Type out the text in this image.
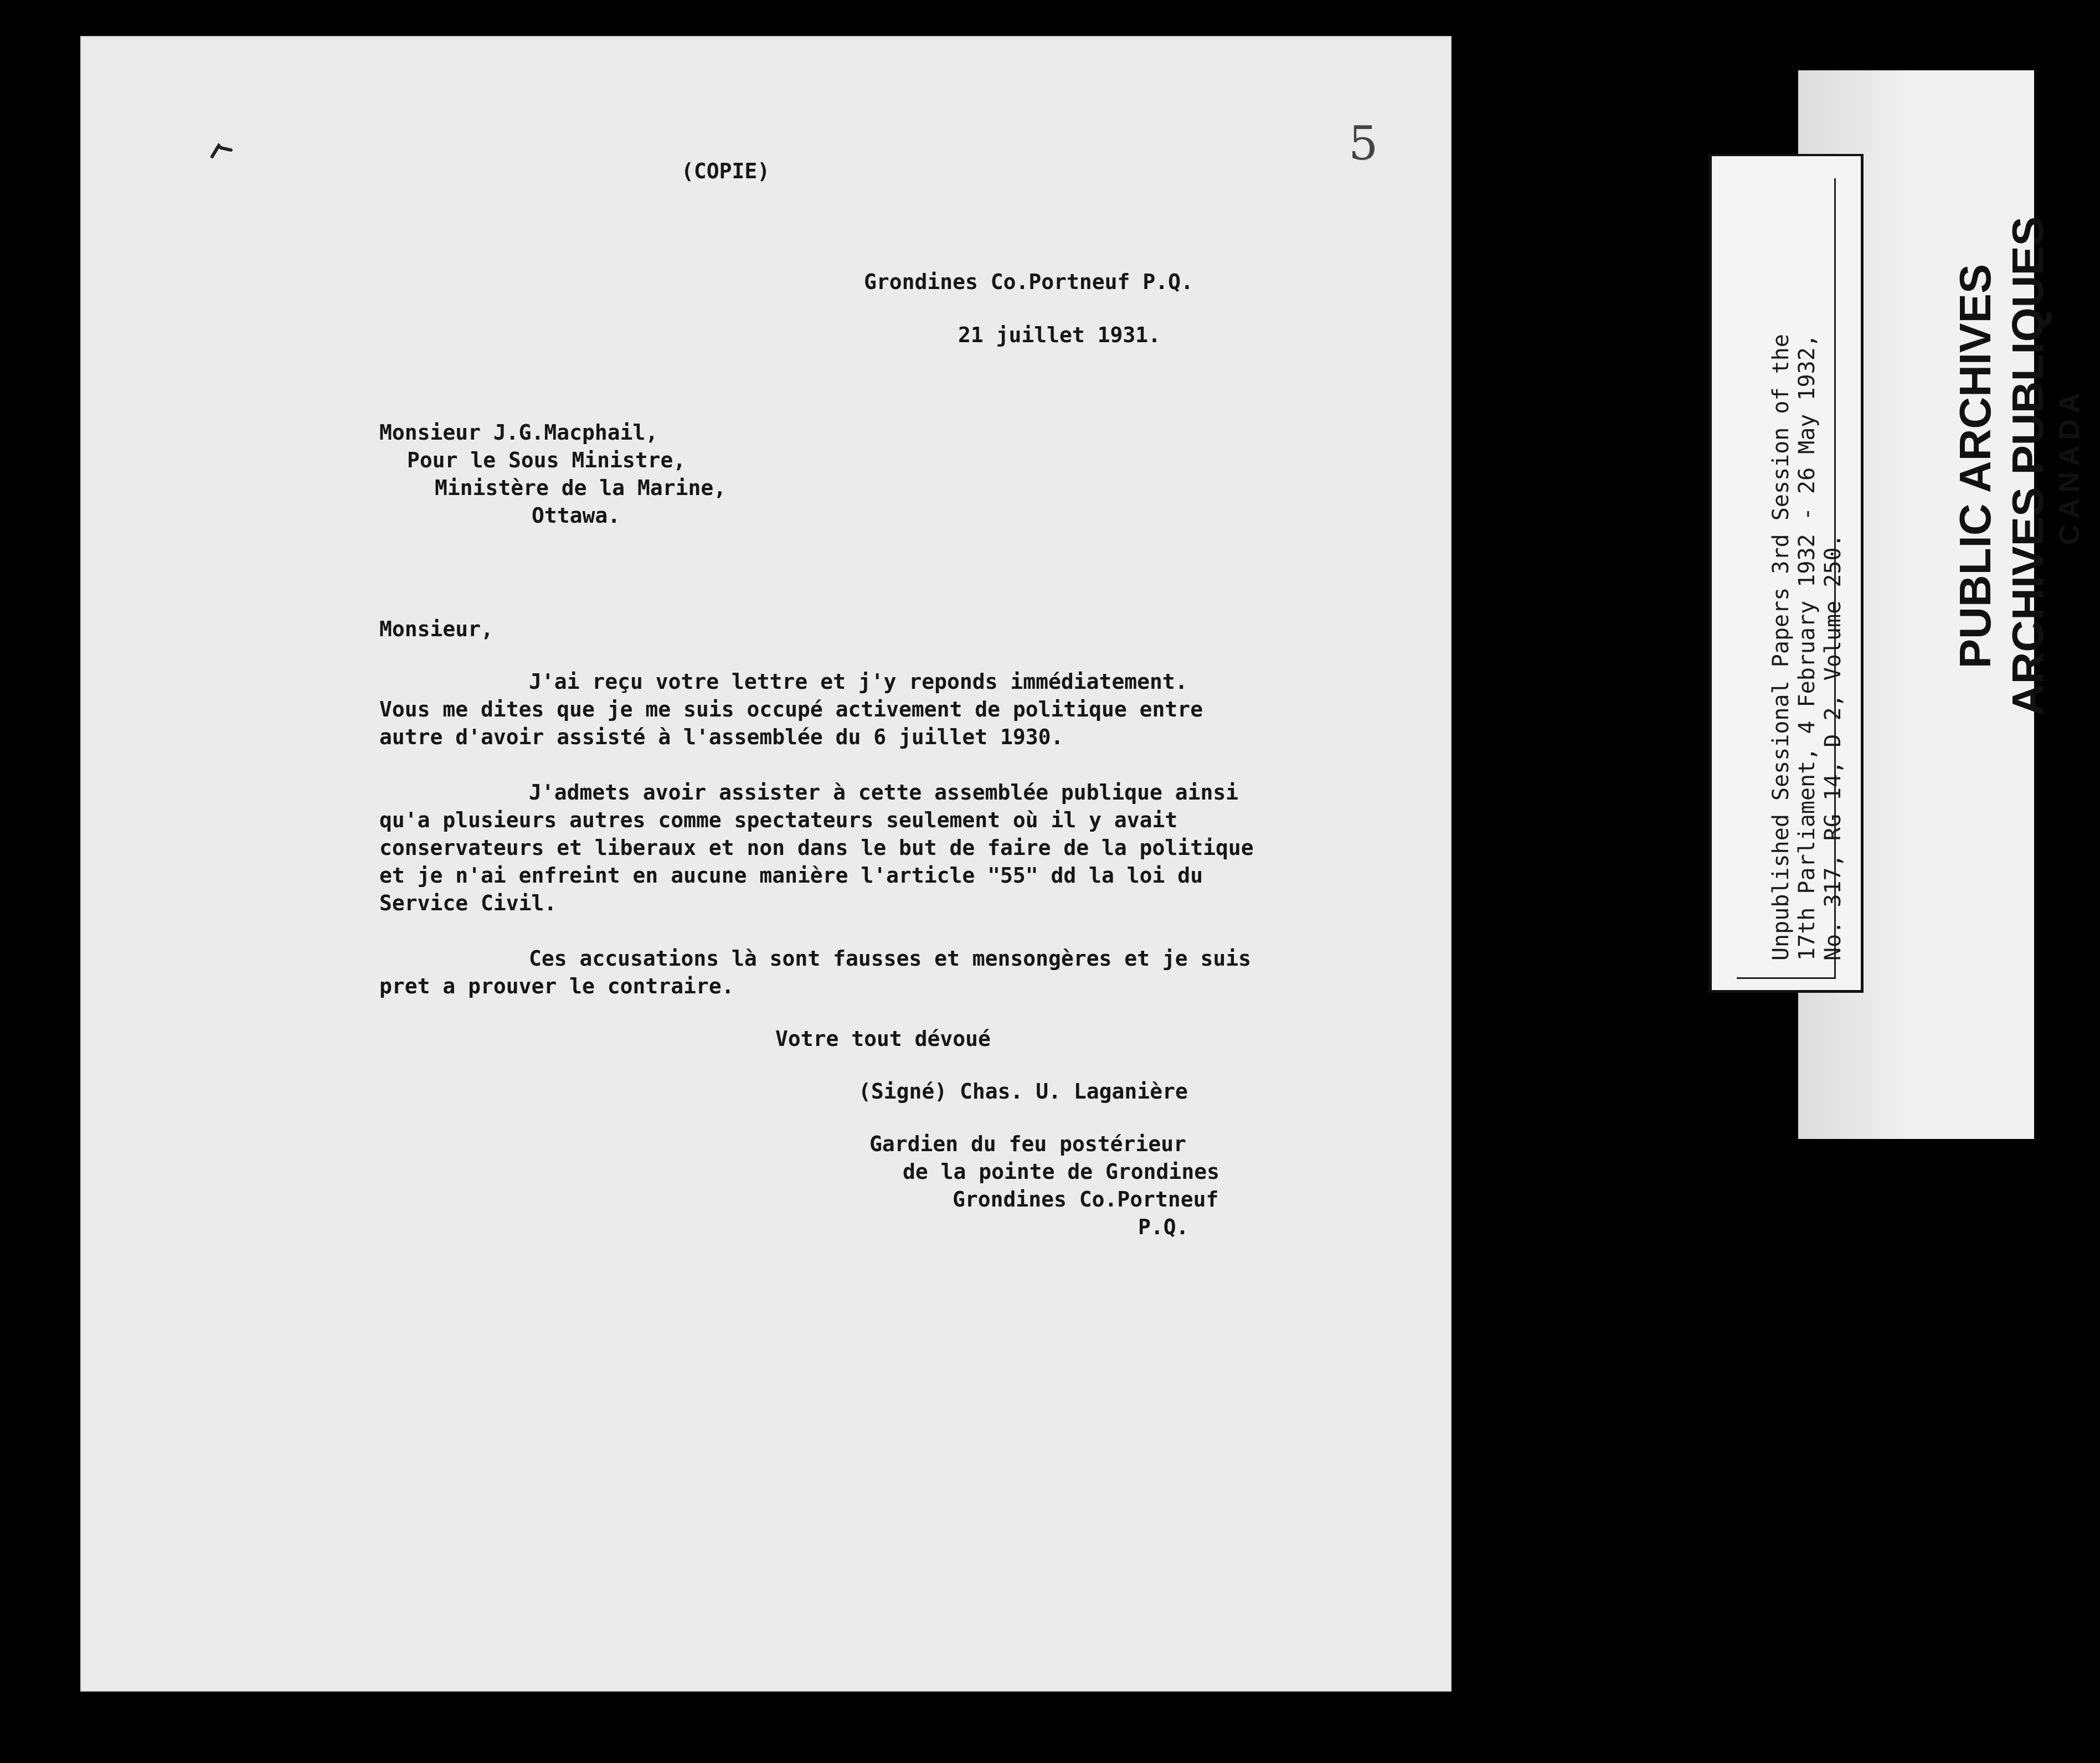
5

(COPIE)

Grondines Co.Portneuf P.Q.

21 juillet 1931.

Monsieur J.G.Macphail,

Pour le Sous Ministre,

Ministère de la Marine,

Ottawa.

Monsieur,

J'ai reçu votre lettre et j'y reponds immédiatement.

Vous me dites que je me suis occupé activement de politique entre

autre d'avoir assisté à l'assemblée du 6 juillet 1930.

J'admets avoir assister à cette assemblée publique ainsi

qu'a plusieurs autres comme spectateurs seulement où il y avait

conservateurs et liberaux et non dans le but de faire de la politique

et je n'ai enfreint en aucune manière l'article "55" dd la loi du

Service Civil.

Ces accusations là sont fausses et mensongères et je suis

pret a prouver le contraire.

Votre tout dévoué

(Signé) Chas. U. Laganière

Gardien du feu postérieur

de la pointe de Grondines

Grondines Co.Portneuf

P.Q.

PUBLIC ARCHIVES ARCHIVES PUBLIQUES CANADA

Unpublished Sessional Papers 3rd Session of the 17th Parliament, 4 February 1932 - 26 May 1932, No. 317, RG 14, D 2, Volume 250.
